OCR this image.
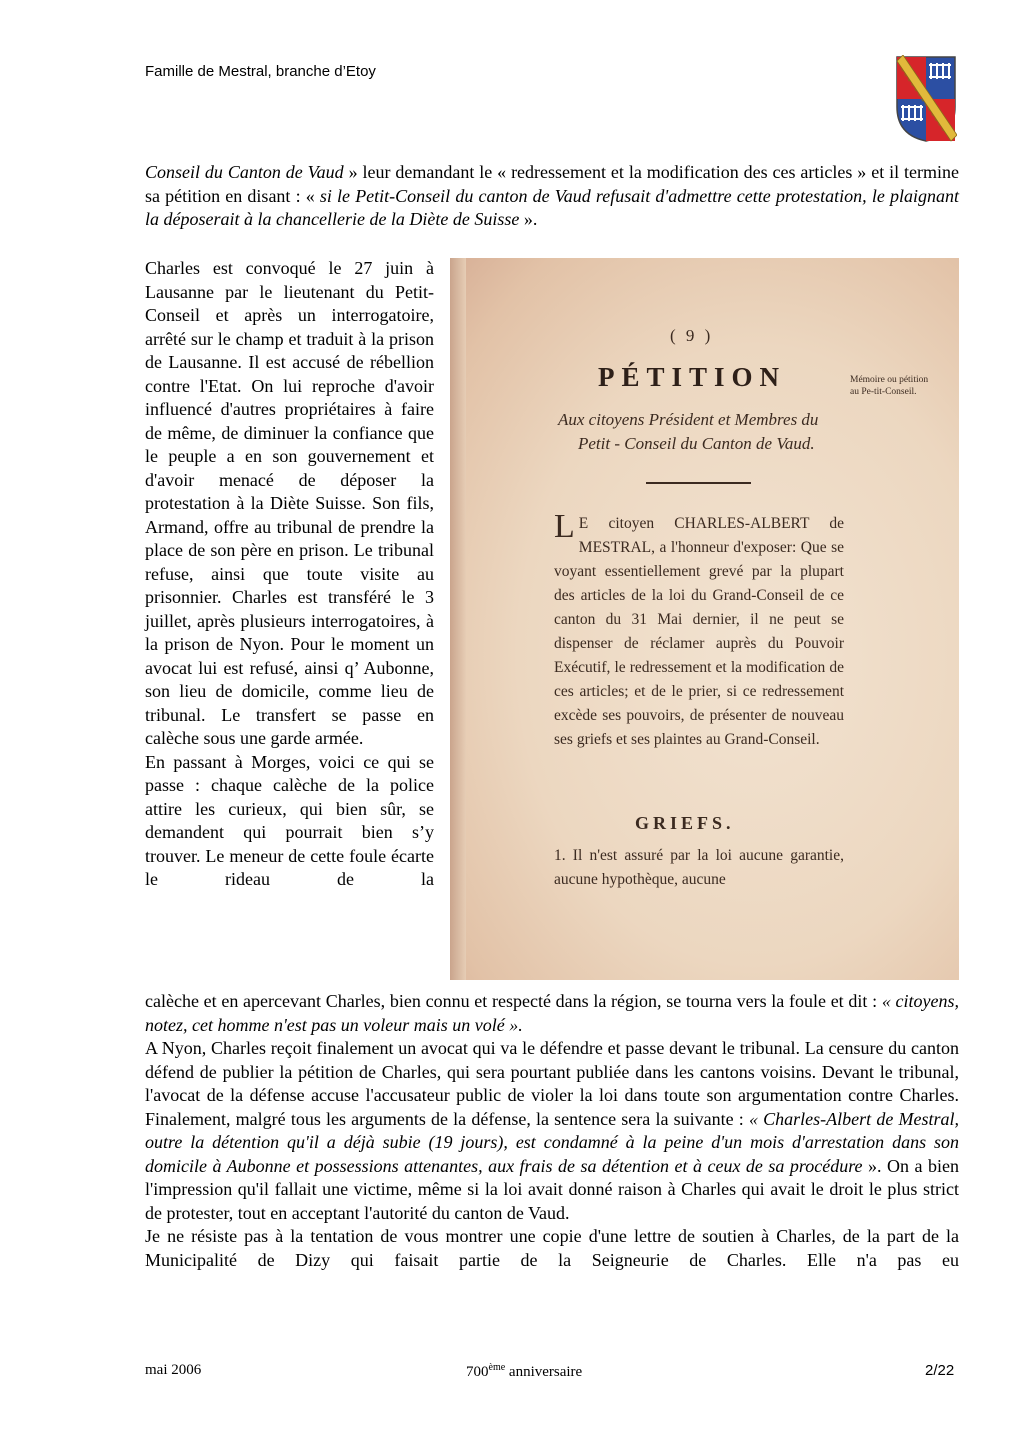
Famille de Mestral, branche d’Etoy

Conseil du Canton de Vaud » leur demandant le « redressement et la modification des ces articles » et il termine sa pétition en disant : « si le Petit-Conseil du canton de Vaud refusait d'admettre cette protestation, le plaignant la déposerait à la chancellerie de la Diète de Suisse ».

Charles est convoqué le 27 juin à Lausanne par le lieutenant du Petit-Conseil et après un interrogatoire, arrêté sur le champ et traduit à la prison de Lausanne. Il est accusé de rébellion contre l'Etat. On lui reproche d'avoir influencé d'autres propriétaires à faire de même, de diminuer la confiance que le peuple a en son gouvernement et d'avoir menacé de déposer la protestation à la Diète Suisse. Son fils, Armand, offre au tribunal de prendre la place de son père en prison. Le tribunal refuse, ainsi que toute visite au prisonnier. Charles est transféré le 3 juillet, après plusieurs interrogatoires, à la prison de Nyon. Pour le moment un avocat lui est refusé, ainsi q’ Aubonne, son lieu de domicile, comme lieu de tribunal. Le transfert se passe en calèche sous une garde armée.

En passant à Morges, voici ce qui se passe : chaque calèche de la police attire les curieux, qui bien sûr, se demandent qui pourrait bien s’y trouver. Le meneur de cette foule écarte le rideau de la

( 9 )
PÉTITION
Aux citoyens Président et Membres du
Petit - Conseil du Canton de Vaud.
L E citoyen CHARLES-ALBERT de MESTRAL, a l'honneur d'exposer: Que se voyant essentiellement grevé par la plupart des articles de la loi du Grand-Conseil de ce canton du 31 Mai dernier, il ne peut se dispenser de réclamer auprès du Pouvoir Exécutif, le redressement et la modification de ces articles; et de le prier, si ce redressement excède ses pouvoirs, de présenter de nouveau ses griefs et ses plaintes au Grand-Conseil.
GRIEFS.
1. Il n'est assuré par la loi aucune garantie, aucune hypothèque, aucune
Mémoire ou pétition au Pe-tit-Conseil.

calèche et en apercevant Charles, bien connu et respecté dans la région, se tourna vers la foule et dit : « citoyens, notez, cet homme n'est pas un voleur mais un volé ».

A Nyon, Charles reçoit finalement un avocat qui va le défendre et passe devant le tribunal. La censure du canton défend de publier la pétition de Charles, qui sera pourtant publiée dans les cantons voisins. Devant le tribunal, l'avocat de la défense accuse l'accusateur public de violer la loi dans toute son argumentation contre Charles. Finalement, malgré tous les arguments de la défense, la sentence sera la suivante : « Charles-Albert de Mestral, outre la détention qu'il a déjà subie (19 jours), est condamné à la peine d'un mois d'arrestation dans son domicile à Aubonne et possessions attenantes, aux frais de sa détention et à ceux de sa procédure ». On a bien l'impression qu'il fallait une victime, même si la loi avait donné raison à Charles qui avait le droit le plus strict de protester, tout en acceptant l'autorité du canton de Vaud.

Je ne résiste pas à la tentation de vous montrer une copie d'une lettre de soutien à Charles, de la part de la Municipalité de Dizy qui faisait partie de la Seigneurie de Charles. Elle n'a pas eu

mai 2006	700ème anniversaire	2/22
